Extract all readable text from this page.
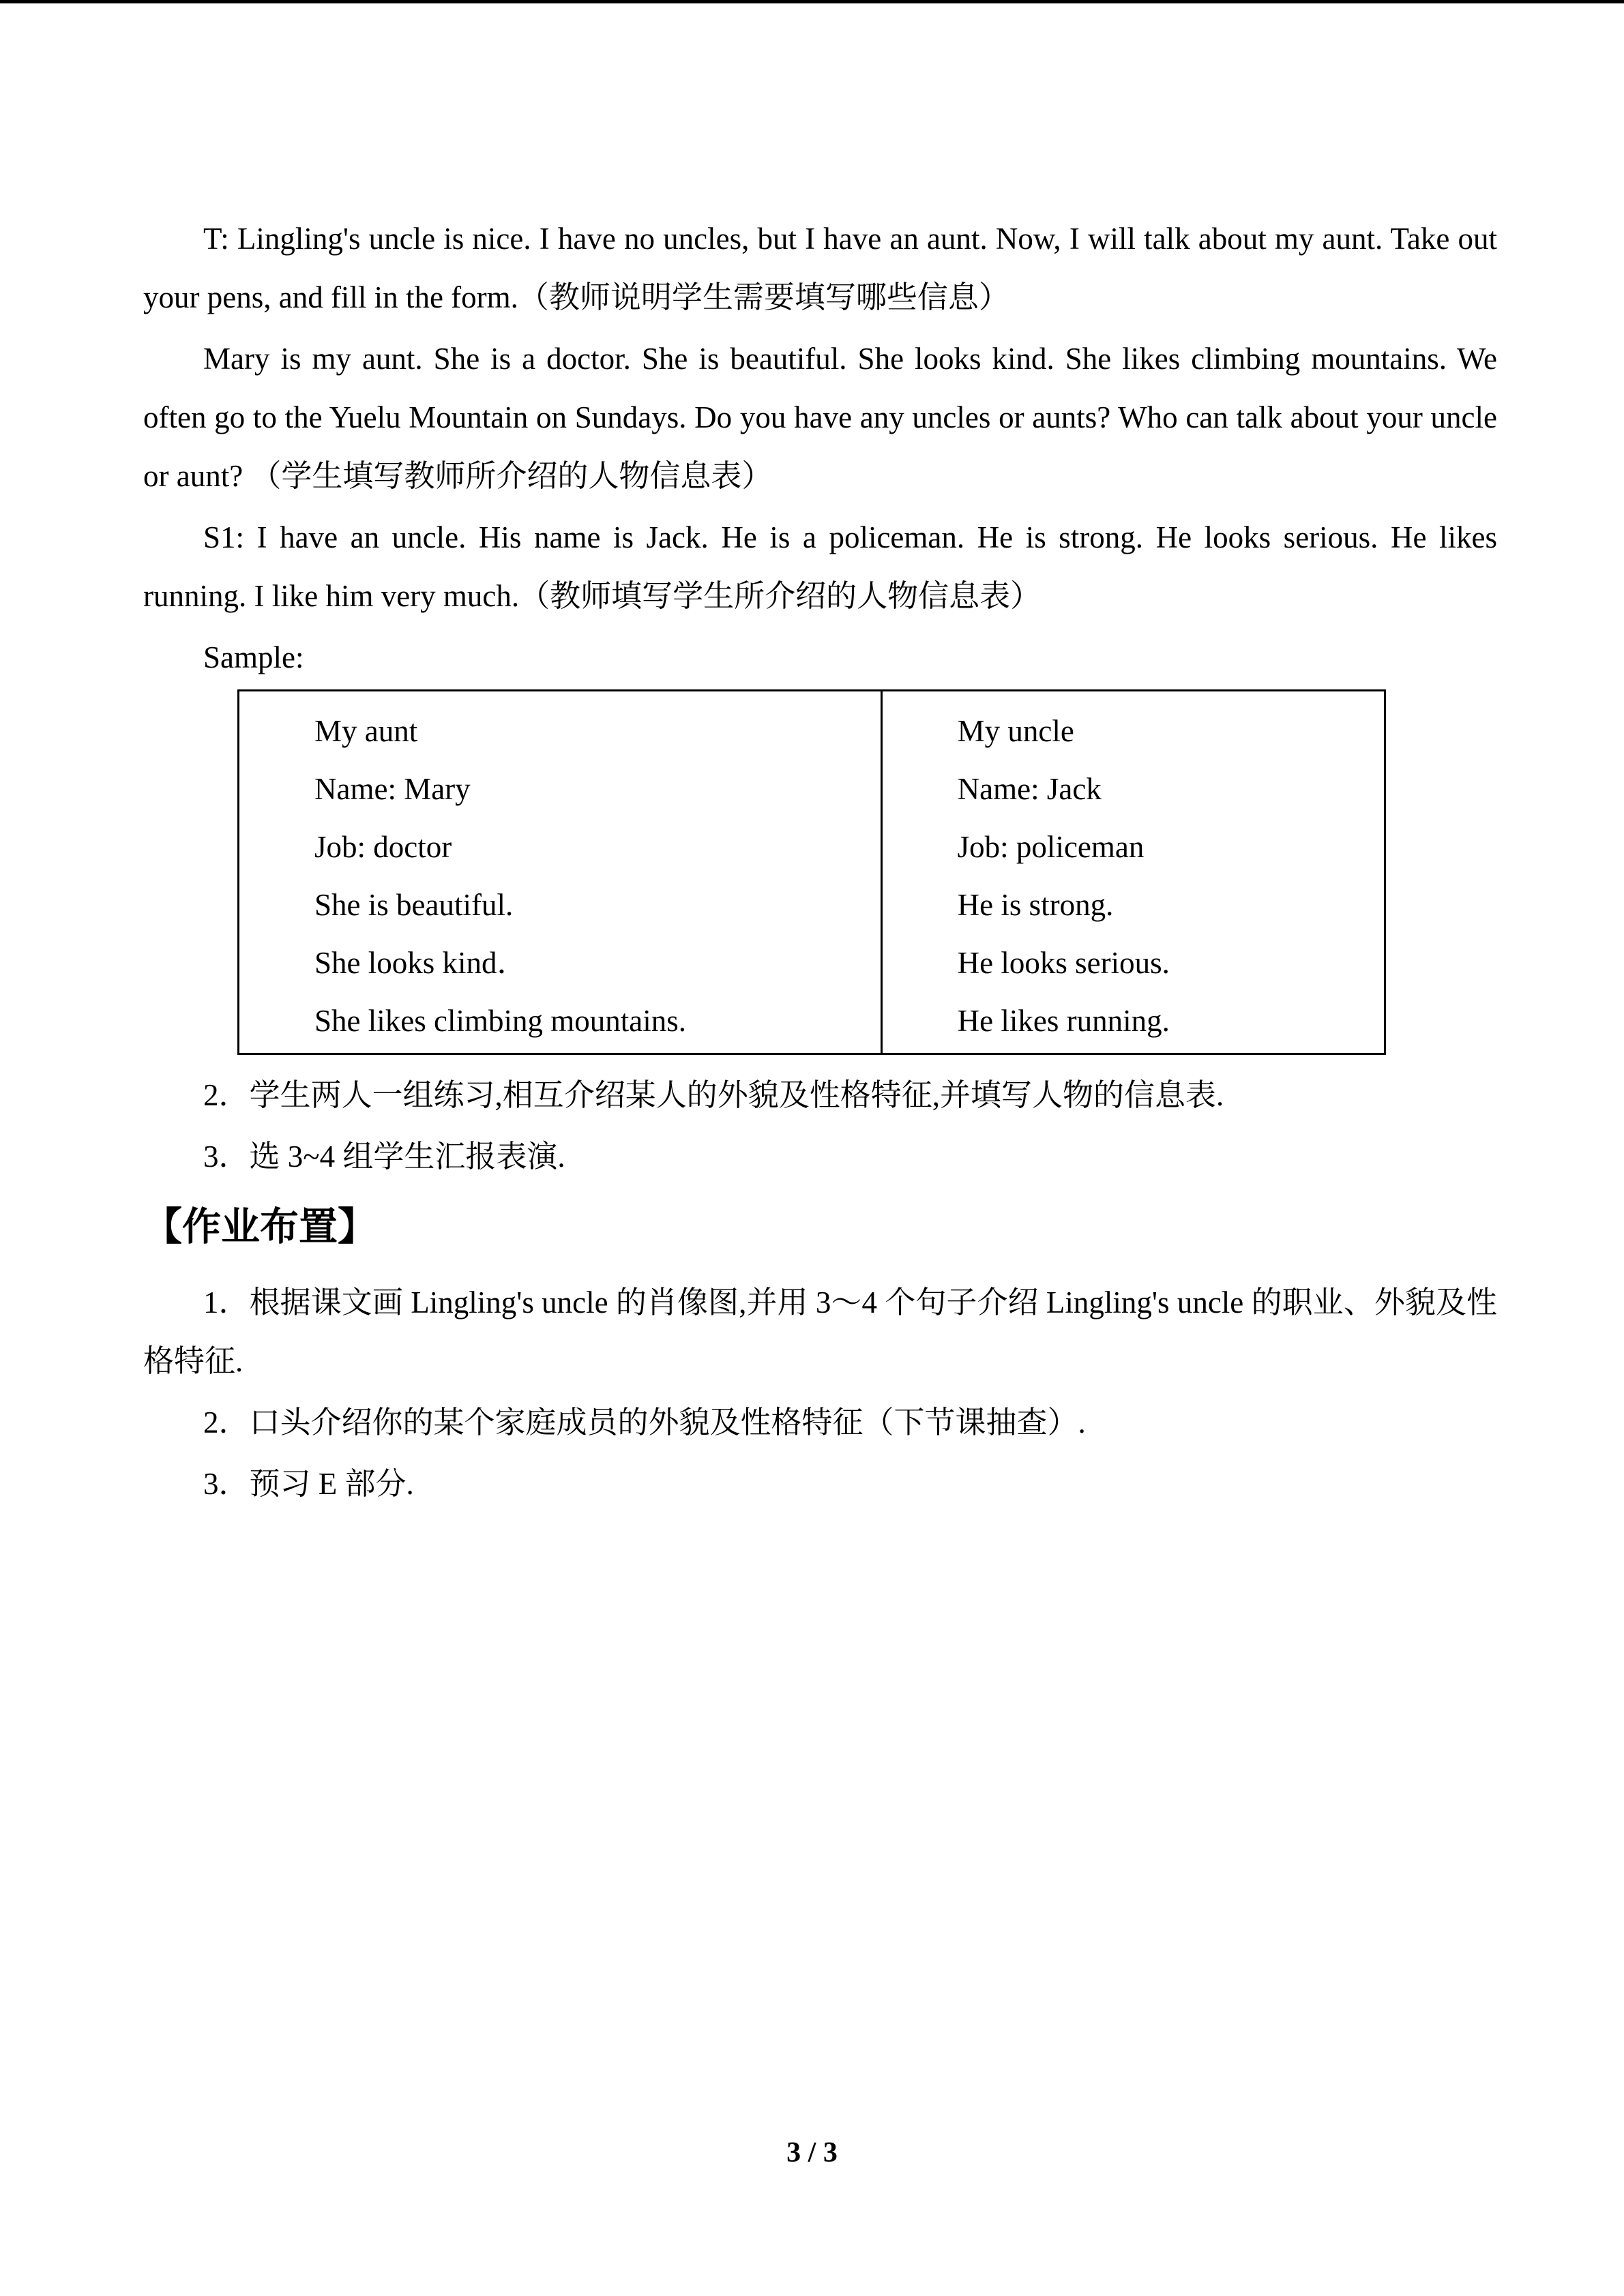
T: Lingling's uncle is nice. I have no uncles, but I have an aunt. Now, I will talk about my aunt. Take out your pens, and fill in the form.（教师说明学生需要填写哪些信息）

Mary is my aunt. She is a doctor. She is beautiful. She looks kind. She likes climbing mountains. We often go to the Yuelu Mountain on Sundays. Do you have any uncles or aunts? Who can talk about your uncle or aunt? （学生填写教师所介绍的人物信息表）

S1: I have an uncle. His name is Jack. He is a policeman. He is strong. He looks serious. He likes running. I like him very much.（教师填写学生所介绍的人物信息表）

Sample:

My aunt

Name: Mary

Job: doctor

She is beautiful.

She looks kind．

She likes climbing mountains.

My uncle

Name: Jack

Job: policeman

He is strong.

He looks serious.

He likes running.

2．学生两人一组练习,相互介绍某人的外貌及性格特征,并填写人物的信息表.

3．选 3~4 组学生汇报表演.

【作业布置】

1．根据课文画 Lingling's uncle 的肖像图,并用 3～4 个句子介绍 Lingling's uncle 的职业、外貌及性格特征.

2．口头介绍你的某个家庭成员的外貌及性格特征（下节课抽查）.

3．预习 E 部分.

3 / 3
